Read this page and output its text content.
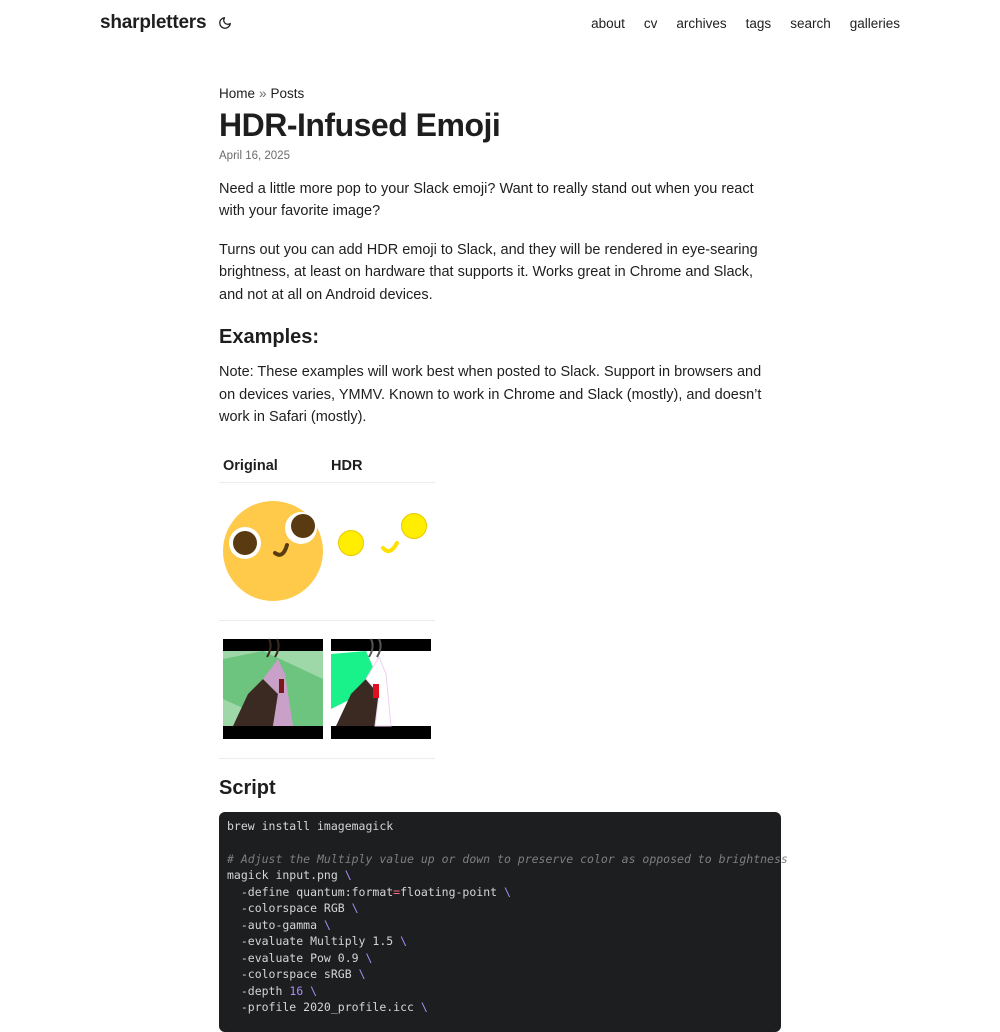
sharpletters	about cv archives tags search galleries
Home » Posts
HDR-Infused Emoji
April 16, 2025

Need a little more pop to your Slack emoji? Want to really stand out when you react with your favorite image?

Turns out you can add HDR emoji to Slack, and they will be rendered in eye-searing brightness, at least on hardware that supports it. Works great in Chrome and Slack, and not at all on Android devices.

Examples:

Note: These examples will work best when posted to Slack. Support in browsers and on devices varies, YMMV. Known to work in Chrome and Slack (mostly), and doesn’t work in Safari (mostly).

Original	HDR

Script
brew install imagemagick

# Adjust the Multiply value up or down to preserve color as opposed to brightness
magick input.png \
-define quantum:format=floating-point \
-colorspace RGB \
-auto-gamma \
-evaluate Multiply 1.5 \
-evaluate Pow 0.9 \
-colorspace sRGB \
-depth 16 \
-profile 2020_profile.icc \
